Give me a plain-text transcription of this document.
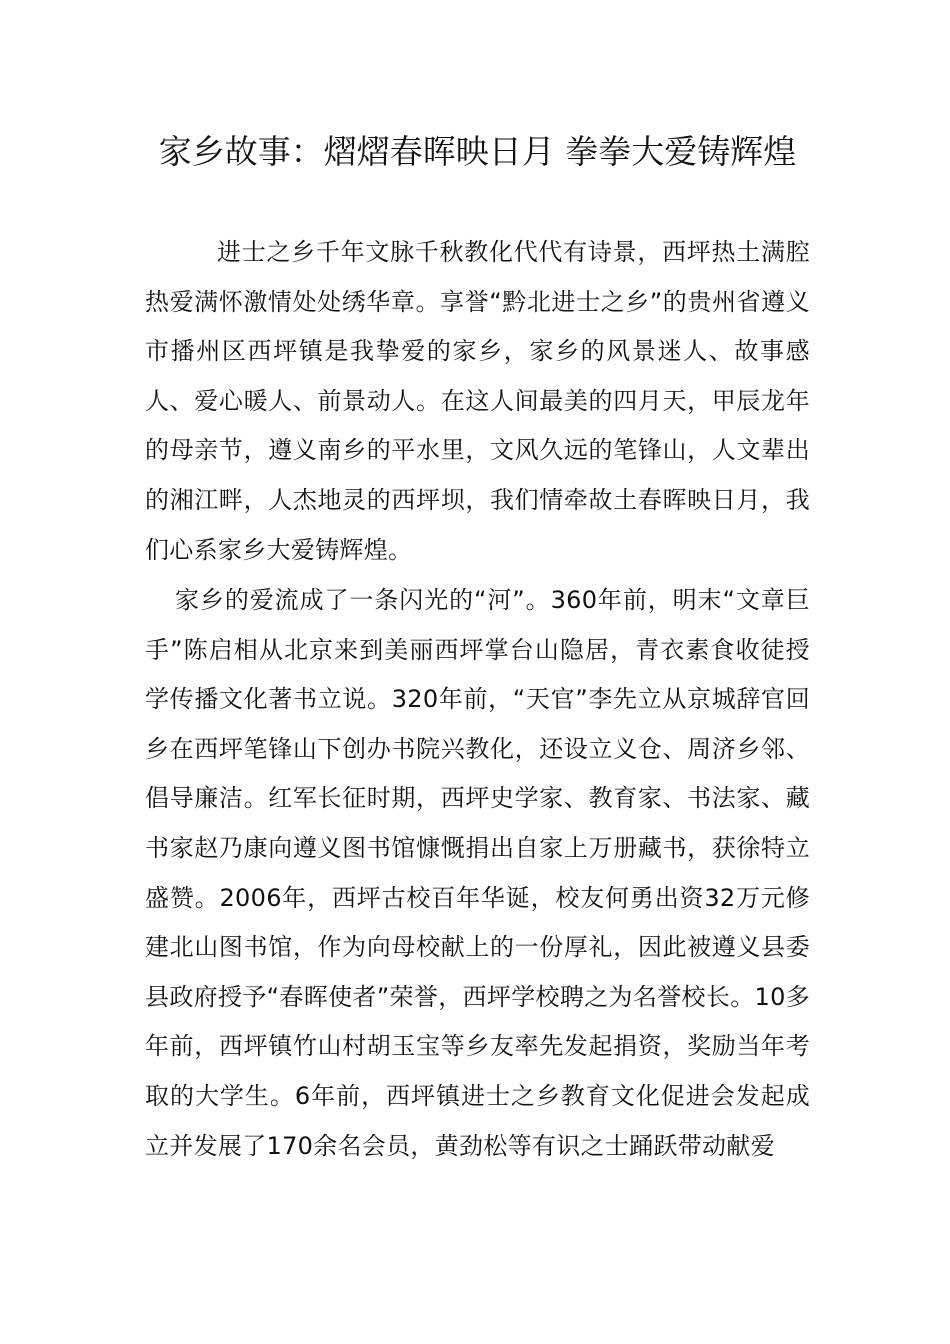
家乡故事：熠熠春晖映日月 拳拳大爱铸辉煌

进士之乡千年文脉千秋教化代代有诗景，西坪热土满腔热爱满怀激情处处绣华章。享誉“黔北进士之乡”的贵州省遵义市播州区西坪镇是我挚爱的家乡，家乡的风景迷人、故事感人、爱心暖人、前景动人。在这人间最美的四月天，甲辰龙年的母亲节，遵义南乡的平水里，文风久远的笔锋山，人文辈出的湘江畔，人杰地灵的西坪坝，我们情牵故土春晖映日月，我们心系家乡大爱铸辉煌。

家乡的爱流成了一条闪光的“河”。360年前，明末“文章巨手”陈启相从北京来到美丽西坪掌台山隐居，青衣素食收徒授学传播文化著书立说。320年前，“天官”李先立从京城辞官回乡在西坪笔锋山下创办书院兴教化，还设立义仓、周济乡邻、倡导廉洁。红军长征时期，西坪史学家、教育家、书法家、藏书家赵乃康向遵义图书馆慷慨捐出自家上万册藏书，获徐特立盛赞。2006年，西坪古校百年华诞，校友何勇出资32万元修建北山图书馆，作为向母校献上的一份厚礼，因此被遵义县委县政府授予“春晖使者”荣誉，西坪学校聘之为名誉校长。10多年前，西坪镇竹山村胡玉宝等乡友率先发起捐资，奖励当年考取的大学生。6年前，西坪镇进士之乡教育文化促进会发起成立并发展了170余名会员，黄劲松等有识之士踊跃带动献爱
